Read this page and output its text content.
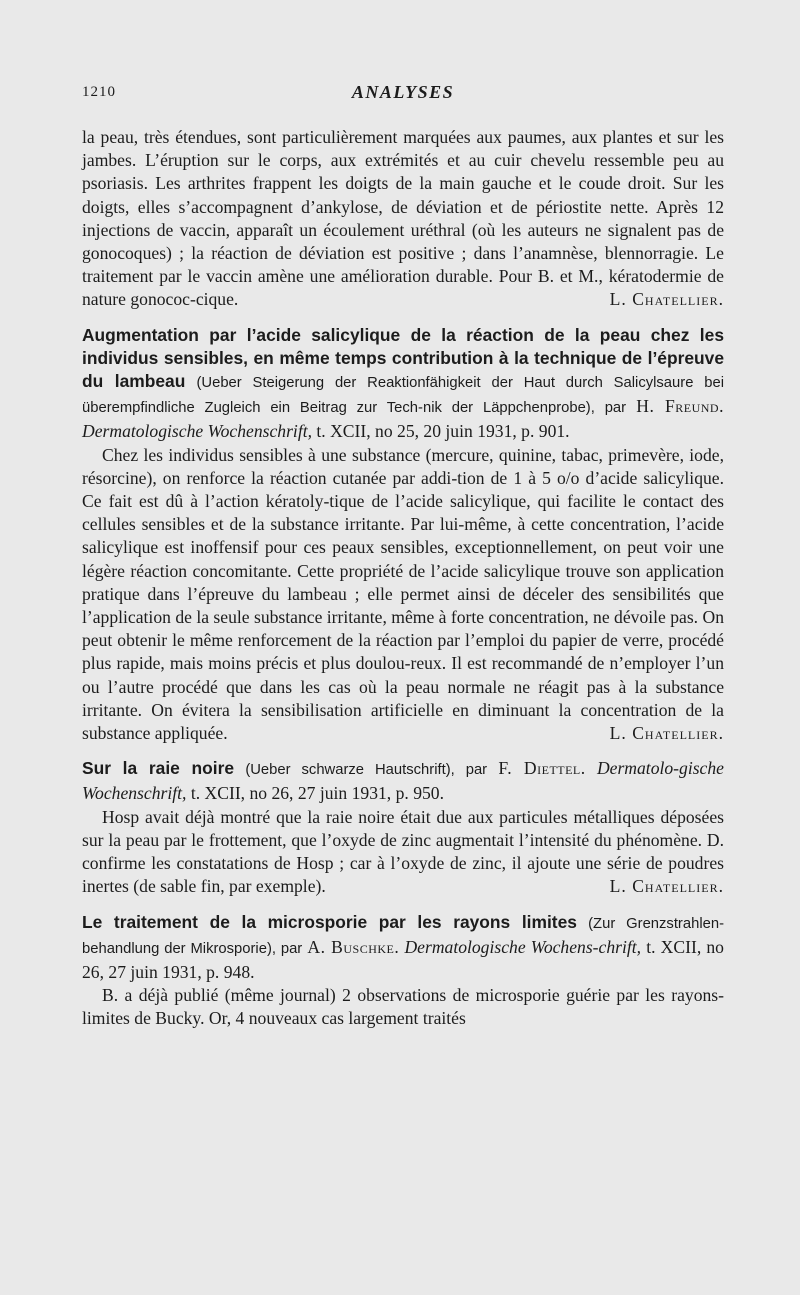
1210	ANALYSES

la peau, très étendues, sont particulièrement marquées aux paumes, aux plantes et sur les jambes. L’éruption sur le corps, aux extrémités et au cuir chevelu ressemble peu au psoriasis. Les arthrites frappent les doigts de la main gauche et le coude droit. Sur les doigts, elles s’accompagnent d’ankylose, de déviation et de périostite nette. Après 12 injections de vaccin, apparaît un écoulement uréthral (où les auteurs ne signalent pas de gonocoques) ; la réaction de déviation est positive ; dans l’anamnèse, blennorragie. Le traitement par le vaccin amène une amélioration durable. Pour B. et M., kératodermie de nature gonococ-cique.	L. Chatellier.

Augmentation par l’acide salicylique de la réaction de la peau chez les individus sensibles, en même temps contribution à la technique de l’épreuve du lambeau (Ueber Steigerung der Reaktionfähigkeit der Haut durch Salicylsaure bei überempfindliche Zugleich ein Beitrag zur Tech-nik der Läppchenprobe), par H. Freund. Dermatologische Wochenschrift, t. XCII, no 25, 20 juin 1931, p. 901.

Chez les individus sensibles à une substance (mercure, quinine, tabac, primevère, iode, résorcine), on renforce la réaction cutanée par addi-tion de 1 à 5 o/o d’acide salicylique. Ce fait est dû à l’action kératoly-tique de l’acide salicylique, qui facilite le contact des cellules sensibles et de la substance irritante. Par lui-même, à cette concentration, l’acide salicylique est inoffensif pour ces peaux sensibles, exceptionnellement, on peut voir une légère réaction concomitante. Cette propriété de l’acide salicylique trouve son application pratique dans l’épreuve du lambeau ; elle permet ainsi de déceler des sensibilités que l’application de la seule substance irritante, même à forte concentration, ne dévoile pas. On peut obtenir le même renforcement de la réaction par l’emploi du papier de verre, procédé plus rapide, mais moins précis et plus doulou-reux. Il est recommandé de n’employer l’un ou l’autre procédé que dans les cas où la peau normale ne réagit pas à la substance irritante. On évitera la sensibilisation artificielle en diminuant la concentration de la substance appliquée.	L. Chatellier.

Sur la raie noire (Ueber schwarze Hautschrift), par F. Diettel. Dermatolo-gische Wochenschrift, t. XCII, no 26, 27 juin 1931, p. 950.

Hosp avait déjà montré que la raie noire était due aux particules métalliques déposées sur la peau par le frottement, que l’oxyde de zinc augmentait l’intensité du phénomène. D. confirme les constatations de Hosp ; car à l’oxyde de zinc, il ajoute une série de poudres inertes (de sable fin, par exemple).	L. Chatellier.

Le traitement de la microsporie par les rayons limites (Zur Grenzstrahlen-behandlung der Mikrosporie), par A. Buschke. Dermatologische Wochens-chrift, t. XCII, no 26, 27 juin 1931, p. 948.

B. a déjà publié (même journal) 2 observations de microsporie guérie par les rayons-limites de Bucky. Or, 4 nouveaux cas largement traités
